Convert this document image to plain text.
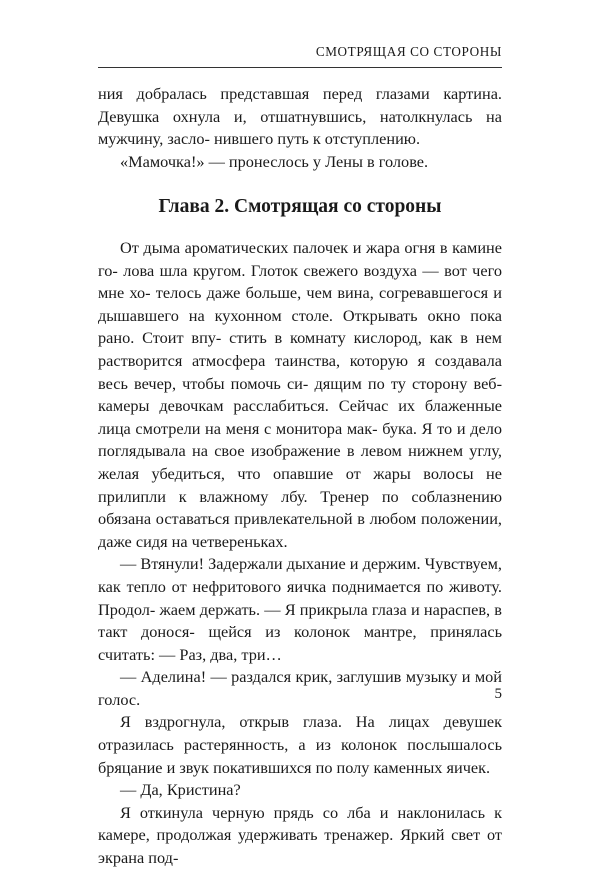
СМОТРЯЩАЯ СО СТОРОНЫ

ния добралась представшая перед глазами картина. Девушка охнула и, отшатнувшись, натолкнулась на мужчину, засло- нившего путь к отступлению.

«Мамочка!» — пронеслось у Лены в голове.

Глава 2. Смотрящая со стороны

От дыма ароматических палочек и жара огня в камине го- лова шла кругом. Глоток свежего воздуха — вот чего мне хо- телось даже больше, чем вина, согревавшегося и дышавшего на кухонном столе. Открывать окно пока рано. Стоит впу- стить в комнату кислород, как в нем растворится атмосфера таинства, которую я создавала весь вечер, чтобы помочь си- дящим по ту сторону веб-камеры девочкам расслабиться. Сейчас их блаженные лица смотрели на меня с монитора мак- бука. Я то и дело поглядывала на свое изображение в левом нижнем углу, желая убедиться, что опавшие от жары волосы не прилипли к влажному лбу. Тренер по соблазнению обязана оставаться привлекательной в любом положении, даже сидя на четвереньках.

— Втянули! Задержали дыхание и держим. Чувствуем, как тепло от нефритового яичка поднимается по животу. Продол- жаем держать. — Я прикрыла глаза и нараспев, в такт донося- щейся из колонок мантре, принялась считать: — Раз, два, три…

— Аделина! — раздался крик, заглушив музыку и мой голос.

Я вздрогнула, открыв глаза. На лицах девушек отразилась растерянность, а из колонок послышалось бряцание и звук покатившихся по полу каменных яичек.

— Да, Кристина?

Я откинула черную прядь со лба и наклонилась к камере, продолжая удерживать тренажер. Яркий свет от экрана под-

5
